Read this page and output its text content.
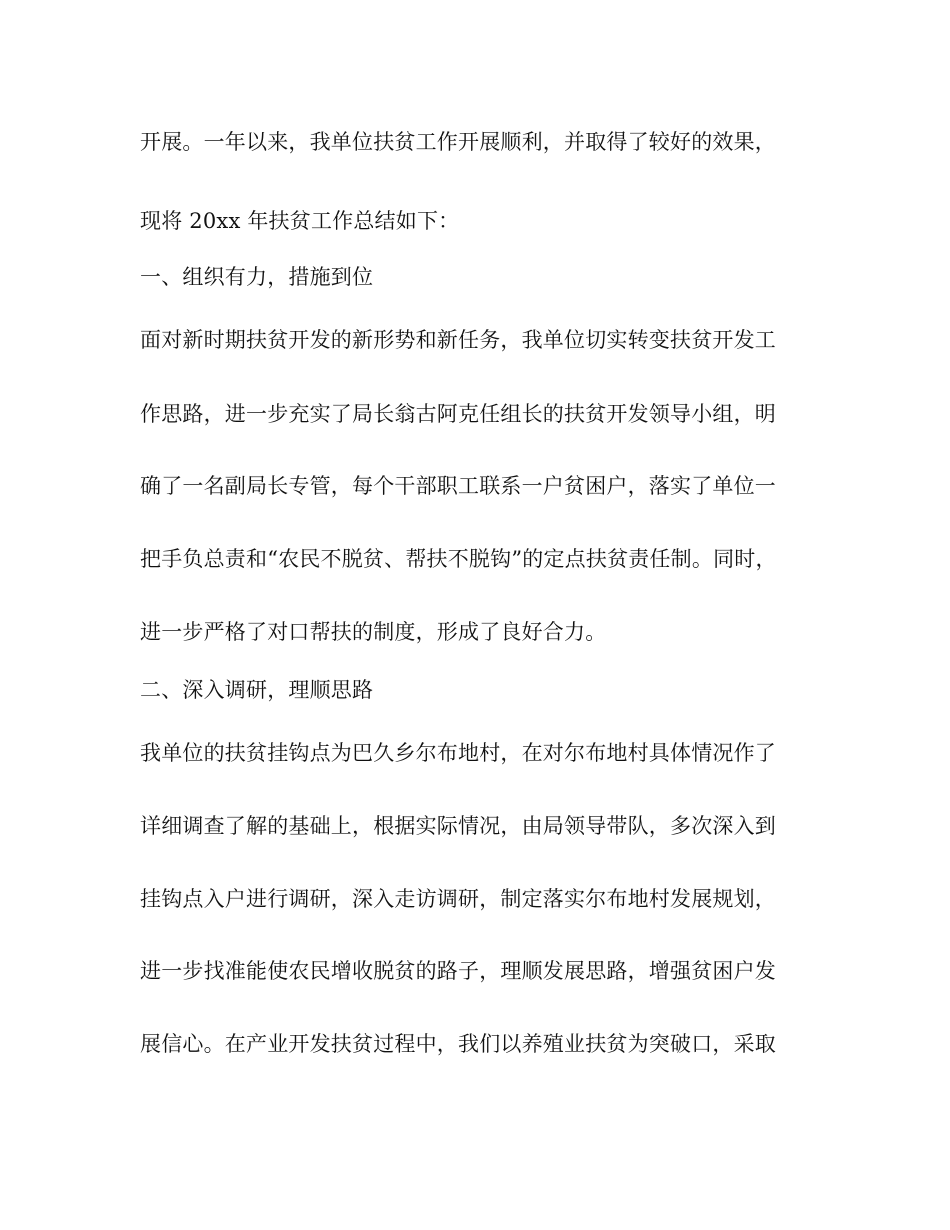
开展。一年以来，我单位扶贫工作开展顺利，并取得了较好的效果，
现将 20xx 年扶贫工作总结如下：
一、组织有力，措施到位
面对新时期扶贫开发的新形势和新任务，我单位切实转变扶贫开发工
作思路，进一步充实了局长翁古阿克任组长的扶贫开发领导小组，明
确了一名副局长专管，每个干部职工联系一户贫困户，落实了单位一
把手负总责和“农民不脱贫、帮扶不脱钩”的定点扶贫责任制。同时，
进一步严格了对口帮扶的制度，形成了良好合力。
二、深入调研，理顺思路
我单位的扶贫挂钩点为巴久乡尔布地村，在对尔布地村具体情况作了
详细调查了解的基础上，根据实际情况，由局领导带队，多次深入到
挂钩点入户进行调研，深入走访调研，制定落实尔布地村发展规划，
进一步找准能使农民增收脱贫的路子，理顺发展思路，增强贫困户发
展信心。在产业开发扶贫过程中，我们以养殖业扶贫为突破口，采取
